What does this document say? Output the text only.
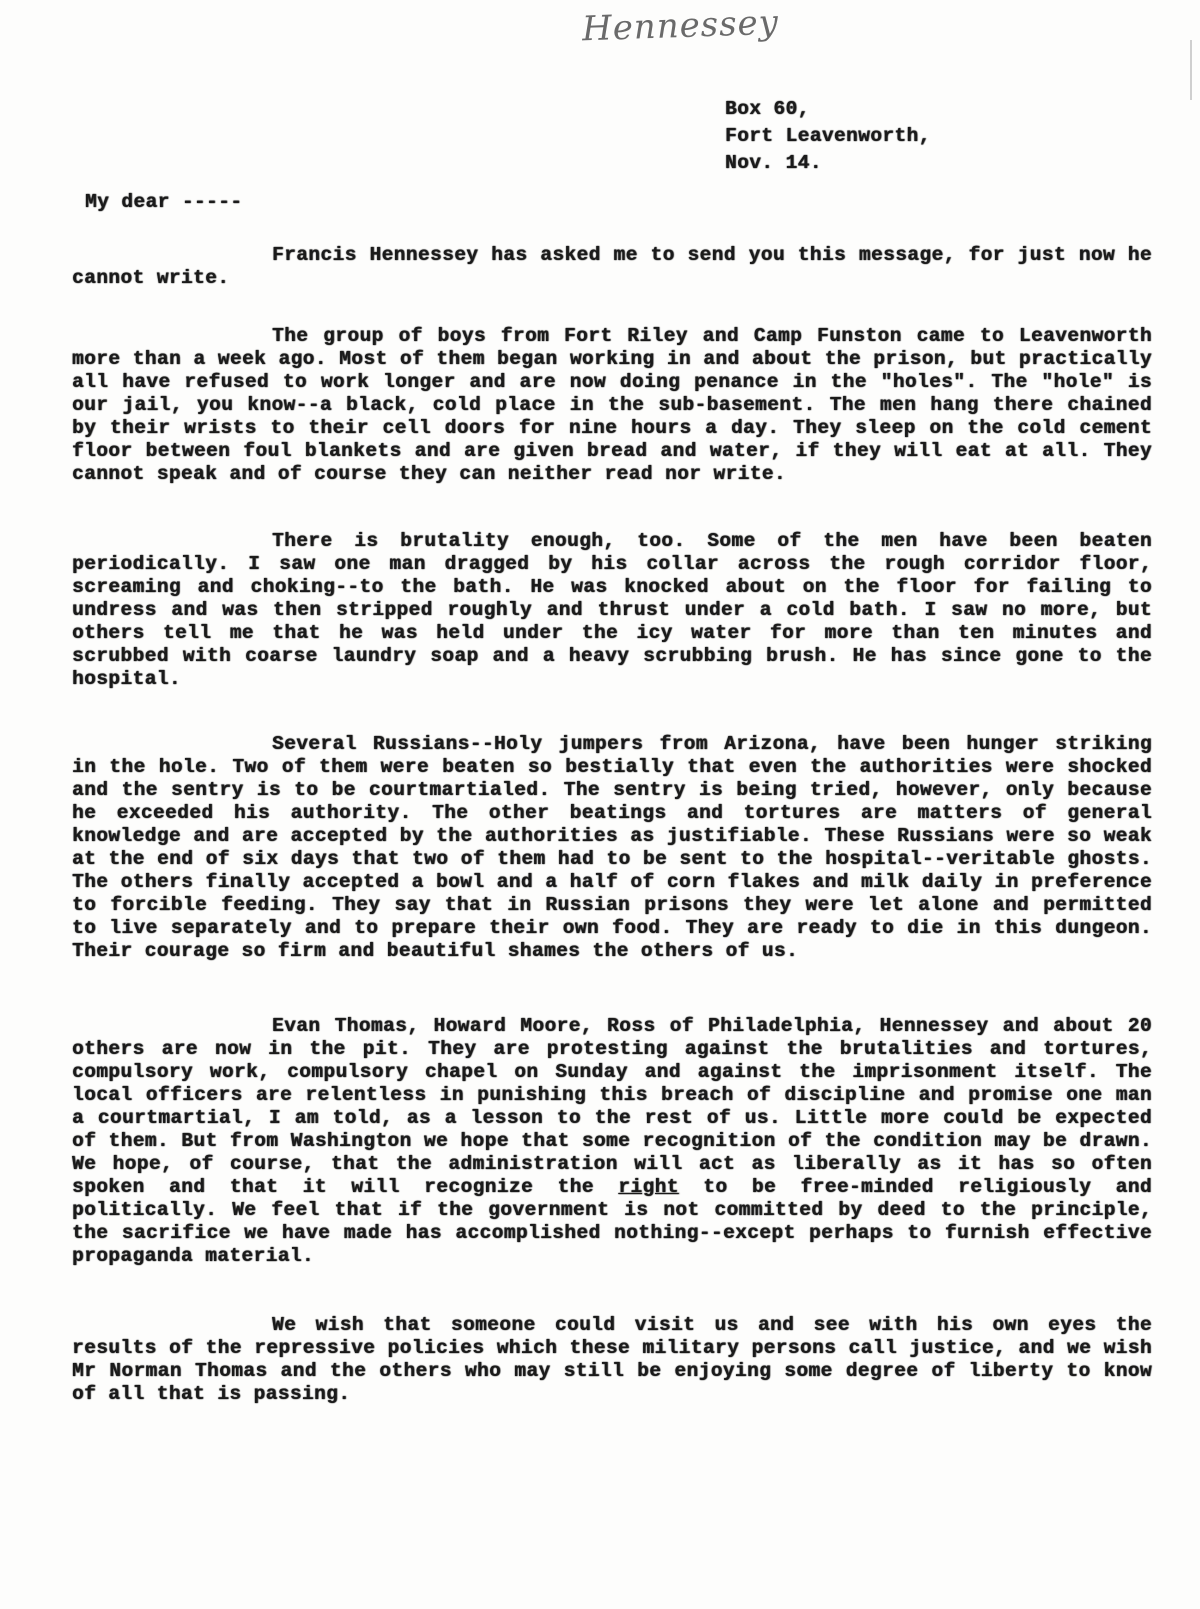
Hennessey
Box 60,
Fort Leavenworth,
Nov. 14.
My dear -----

Francis Hennessey has asked me to send you this message, for just now he cannot write.

The group of boys from Fort Riley and Camp Funston came to Leavenworth more than a week ago. Most of them began working in and about the prison, but practically all have refused to work longer and are now doing penance in the "holes". The "hole" is our jail, you know--a black, cold place in the sub-basement. The men hang there chained by their wrists to their cell doors for nine hours a day. They sleep on the cold cement floor between foul blankets and are given bread and water, if they will eat at all. They cannot speak and of course they can neither read nor write.

There is brutality enough, too. Some of the men have been beaten periodically. I saw one man dragged by his collar across the rough corridor floor, screaming and choking--to the bath. He was knocked about on the floor for failing to undress and was then stripped roughly and thrust under a cold bath. I saw no more, but others tell me that he was held under the icy water for more than ten minutes and scrubbed with coarse laundry soap and a heavy scrubbing brush. He has since gone to the hospital.

Several Russians--Holy jumpers from Arizona, have been hunger striking in the hole. Two of them were beaten so bestially that even the authorities were shocked and the sentry is to be courtmartialed. The sentry is being tried, however, only because he exceeded his authority. The other beatings and tortures are matters of general knowledge and are accepted by the authorities as justifiable. These Russians were so weak at the end of six days that two of them had to be sent to the hospital--veritable ghosts. The others finally accepted a bowl and a half of corn flakes and milk daily in preference to forcible feeding. They say that in Russian prisons they were let alone and permitted to live separately and to prepare their own food. They are ready to die in this dungeon. Their courage so firm and beautiful shames the others of us.

Evan Thomas, Howard Moore, Ross of Philadelphia, Hennessey and about 20 others are now in the pit. They are protesting against the brutalities and tortures, compulsory work, compulsory chapel on Sunday and against the imprisonment itself. The local officers are relentless in punishing this breach of discipline and promise one man a courtmartial, I am told, as a lesson to the rest of us. Little more could be expected of them. But from Washington we hope that some recognition of the condition may be drawn. We hope, of course, that the administration will act as liberally as it has so often spoken and that it will recognize the right to be free-minded religiously and politically. We feel that if the government is not committed by deed to the principle, the sacrifice we have made has accomplished nothing--except perhaps to furnish effective propaganda material.

We wish that someone could visit us and see with his own eyes the results of the repressive policies which these military persons call justice, and we wish Mr Norman Thomas and the others who may still be enjoying some degree of liberty to know of all that is passing.
